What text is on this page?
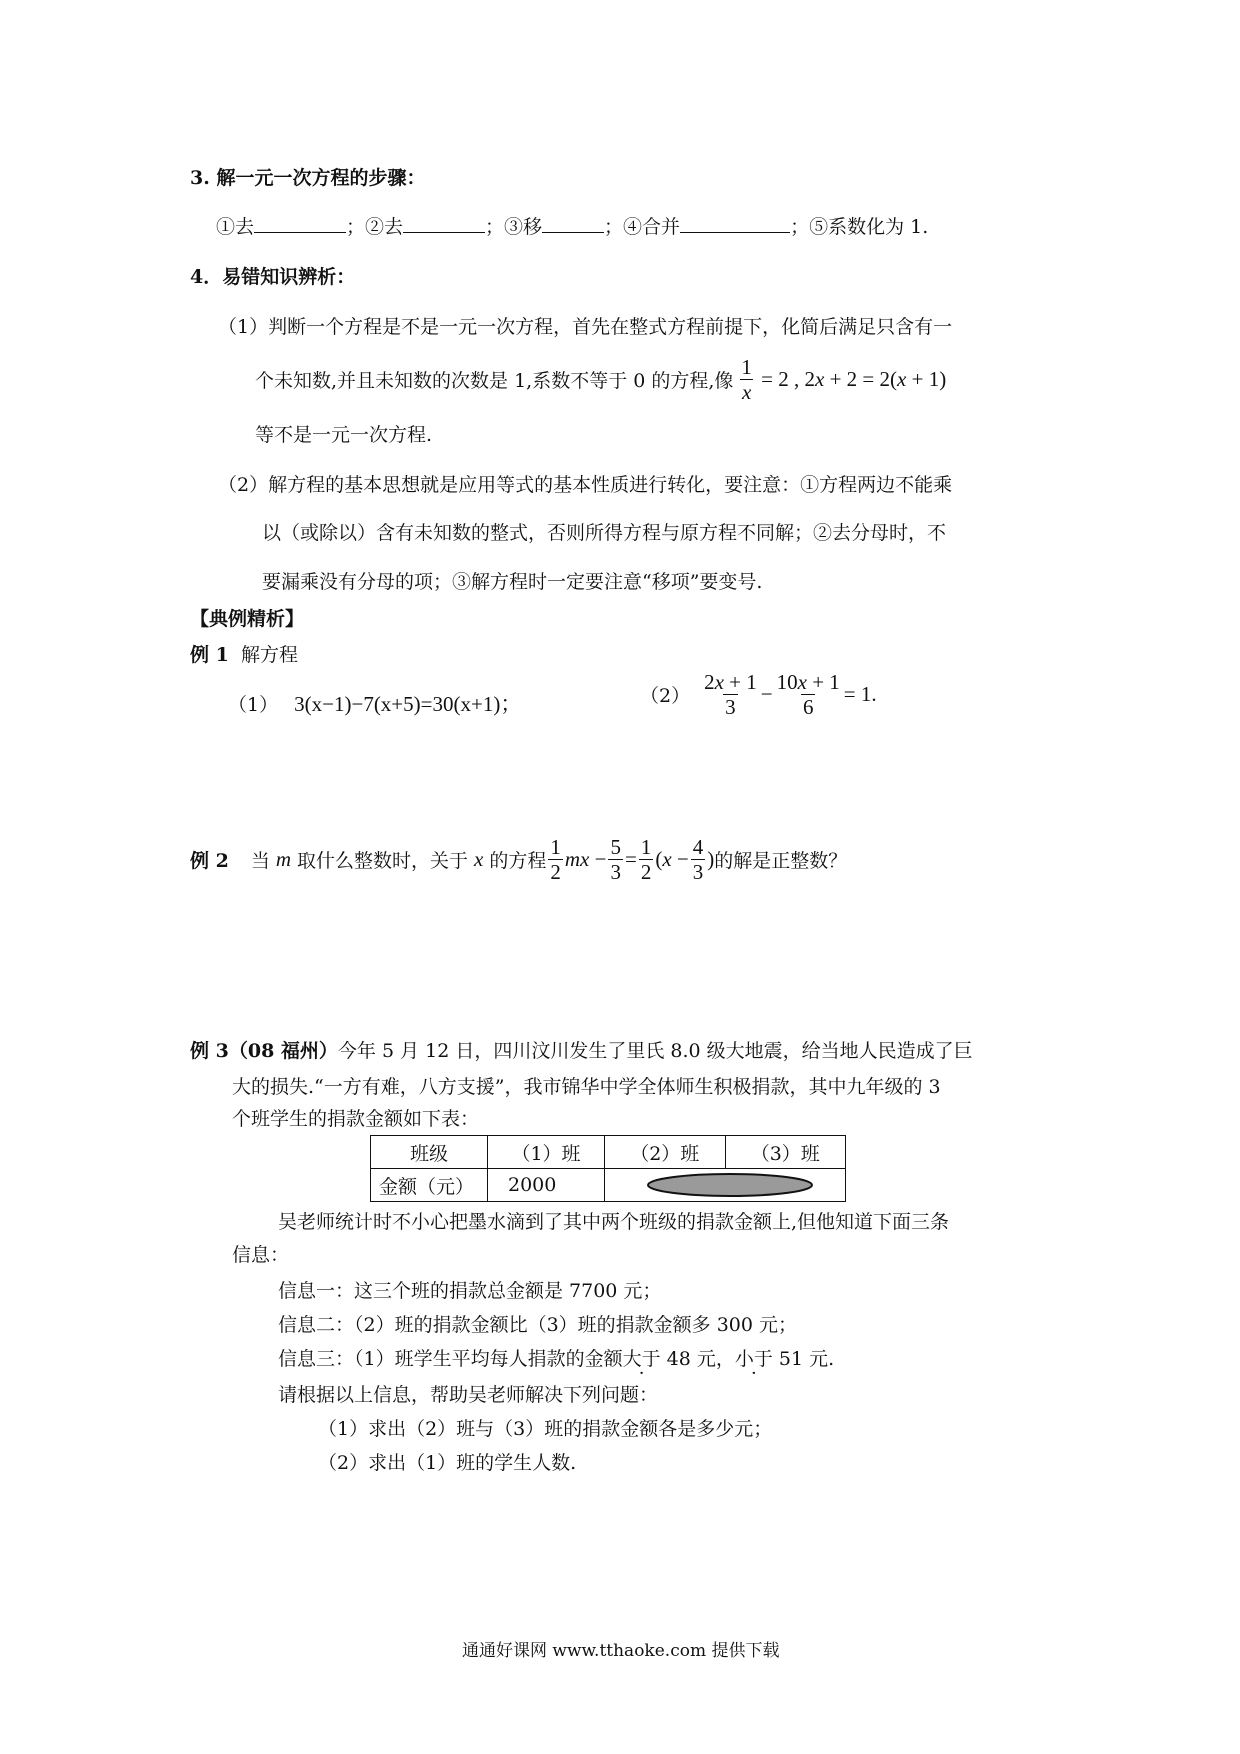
3. 解一元一次方程的步骤：
①去	；②去	；③移	；④合并	；⑤系数化为 1.
4．易错知识辨析：
（1）判断一个方程是不是一元一次方程，首先在整式方程前提下，化简后满足只含有一
个未知数,并且未知数的次数是 1,系数不等于 0 的方程,像 $\frac{1}{x} = 2$ , 2x + 2 = 2(x + 1)
等不是一元一次方程.
（2）解方程的基本思想就是应用等式的基本性质进行转化，要注意：①方程两边不能乘
以（或除以）含有未知数的整式，否则所得方程与原方程不同解；②去分母时，不
要漏乘没有分母的项；③解方程时一定要注意“移项”要变号.
【典例精析】
例 1 解方程
（1） 3(x−1)−7(x+5)=30(x+1)；	$(2) \frac{2x + 1}{3} - \frac{10x + 1}{6} = 1$.
例 2 当 m 取什么整数时，关于 x 的方程 $\frac{1}{2}$ mx − $\frac{5}{3} = \frac{1}{2} (x - \frac{4}{3}$ ) 的解是正整数？
例 3（08 福州）今年 5 月 12 日，四川汶川发生了里氏 8.0 级大地震，给当地人民造成了巨
大的损失.“一方有难，八方支援”，我市锦华中学全体师生积极捐款，其中九年级的 3
个班学生的捐款金额如下表：
班级	（1）班	（2）班	（3）班
金额（元）	2000	
吴老师统计时不小心把墨水滴到了其中两个班级的捐款金额上,但他知道下面三条
信息：
信息一：这三个班的捐款总金额是 7700 元；
信息二：（2）班的捐款金额比（3）班的捐款金额多 300 元；
信息三：（1）班学生平均每人捐款的金额大于 48 元，小于 51 元.
请根据以上信息，帮助吴老师解决下列问题：
（1）求出（2）班与（3）班的捐款金额各是多少元；
（2）求出（1）班的学生人数.
通通好课网 www.tthaoke.com 提供下载
